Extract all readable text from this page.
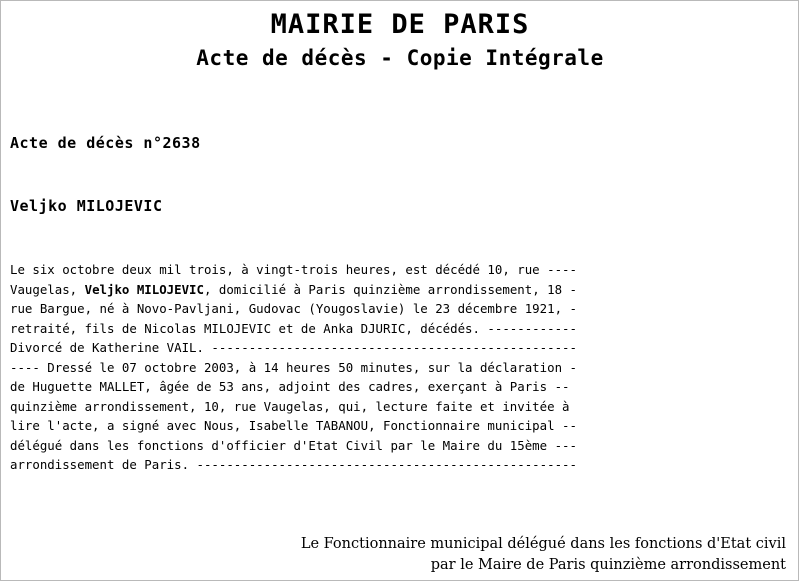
MAIRIE DE PARIS
Acte de décès - Copie Intégrale
Acte de décès n°2638
Veljko MILOJEVIC
Le six octobre deux mil trois, à vingt-trois heures, est décédé 10, rue ----
Vaugelas, Veljko MILOJEVIC, domicilié à Paris quinzième arrondissement, 18 -
rue Bargue, né à Novo-Pavljani, Gudovac (Yougoslavie) le 23 décembre 1921, -
retraité, fils de Nicolas MILOJEVIC et de Anka DJURIC, décédés. ------------
Divorcé de Katherine VAIL. -------------------------------------------------
---- Dressé le 07 octobre 2003, à 14 heures 50 minutes, sur la déclaration -
de Huguette MALLET, âgée de 53 ans, adjoint des cadres, exerçant à Paris --
quinzième arrondissement, 10, rue Vaugelas, qui, lecture faite et invitée à
lire l'acte, a signé avec Nous, Isabelle TABANOU, Fonctionnaire municipal --
délégué dans les fonctions d'officier d'Etat Civil par le Maire du 15ème ---
arrondissement de Paris. ---------------------------------------------------
Le Fonctionnaire municipal délégué dans les fonctions d'Etat civil
par le Maire de Paris quinzième arrondissement
